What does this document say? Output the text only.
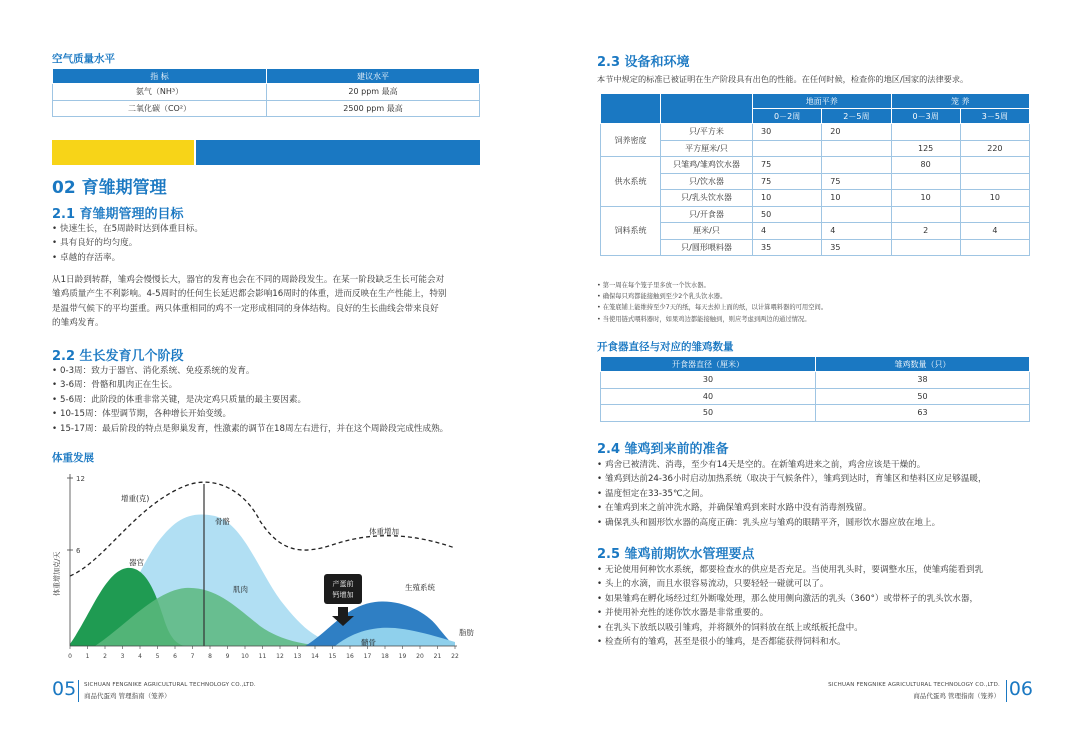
空气质量水平
指 标	建议水平
氨气（NH³）	20 ppm 最高
二氧化碳（CO²）	2500 ppm 最高
02 育雏期管理
2.1 育雏期管理的目标
• 快速生长，在5周龄时达到体重目标。
• 具有良好的均匀度。
• 卓越的存活率。
从1日龄到转群，雏鸡会慢慢长大，器官的发育也会在不同的周龄段发生。在某一阶段缺乏生长可能会对
雏鸡质量产生不利影响。4-5周时的任何生长延迟都会影响16周时的体重，进而反映在生产性能上，特别
是温带气候下的平均蛋重。两只体重相同的鸡不一定形成相同的身体结构。良好的生长曲线会带来良好
的雏鸡发育。
2.2 生长发育几个阶段
• 0-3周：致力于器官、消化系统、免疫系统的发育。
• 3-6周：骨骼和肌肉正在生长。
• 5-6周：此阶段的体重非常关键，是决定鸡只质量的最主要因素。
• 10-15周：体型调节期，各种增长开始变缓。
• 15-17周：最后阶段的特点是卵巢发育，性激素的调节在18周左右进行，并在这个周龄段完成性成熟。
体重发展
12
6
体重增加克/天
0 1 2 3 4 5 6 7 8 9 10 11 12 13 14 15 16 17 18 19 20 21 22
增重(克)
器官
骨骼
肌肉
体重增加
生殖系统
髓骨
脂肪
产蛋前
钙增加
05 SICHUAN FENGNIKE AGRICULTURAL TECHNOLOGY CO.,LTD.
商品代蛋鸡 管理指南（笼养）
2.3 设备和环境
本节中规定的标准已被证明在生产阶段具有出色的性能。在任何时候，检查你的地区/国家的法律要求。
		地面平养		笼 养	
		0－2周	2－5周	0－3周	3－5周
饲养密度	只/平方米	30	20		
	平方厘米/只			125	220
供水系统	只雏鸡/雏鸡饮水器	75		80	
	只/饮水器	75	75		
	只/乳头饮水器	10	10	10	10
饲料系统	只/开食器	50			
	厘米/只	4	4	2	4
	只/圆形喂料器	35	35		

• 第一周在每个笼子里多放一个饮水器。

• 确保每只鸡都能接触到至少2个乳头饮水器。

• 在笼底铺上能维持至少7天的纸，每天去掉上面的纸，以计算喂料器的可用空间。

• 当使用链式喂料器时，如果鸡边都能接触到，则应考虑到两边的通过情况。

开食器直径与对应的雏鸡数量
开食器直径（厘米）	雏鸡数量（只）
30	38
40	50
50	63
2.4 雏鸡到来前的准备
• 鸡舍已被清洗、消毒，至少有14天是空的。在新雏鸡进来之前，鸡舍应该是干燥的。
• 雏鸡到达前24-36小时启动加热系统（取决于气候条件），雏鸡到达时，育雏区和垫料区应足够温暖，
• 温度恒定在33-35℃之间。
• 在雏鸡到来之前冲洗水路，并确保雏鸡到来时水路中没有消毒剂残留。
• 确保乳头和圆形饮水器的高度正确：乳头应与雏鸡的眼睛平齐，圆形饮水器应放在地上。
2.5 雏鸡前期饮水管理要点
• 无论使用何种饮水系统，都要检查水的供应是否充足。当使用乳头时，要调整水压，使雏鸡能看到乳
• 头上的水滴，而且水很容易流动，只要轻轻一碰就可以了。
• 如果雏鸡在孵化场经过红外断喙处理，那么使用侧向激活的乳头（360°）或带杯子的乳头饮水器，
• 并使用补充性的迷你饮水器是非常重要的。
• 在乳头下放纸以吸引雏鸡，并将额外的饲料放在纸上或纸板托盘中。
• 检查所有的雏鸡，甚至是很小的雏鸡，是否都能获得饲料和水。
SICHUAN FENGNIKE AGRICULTURAL TECHNOLOGY CO.,LTD.
商品代蛋鸡 管理指南（笼养） 06
